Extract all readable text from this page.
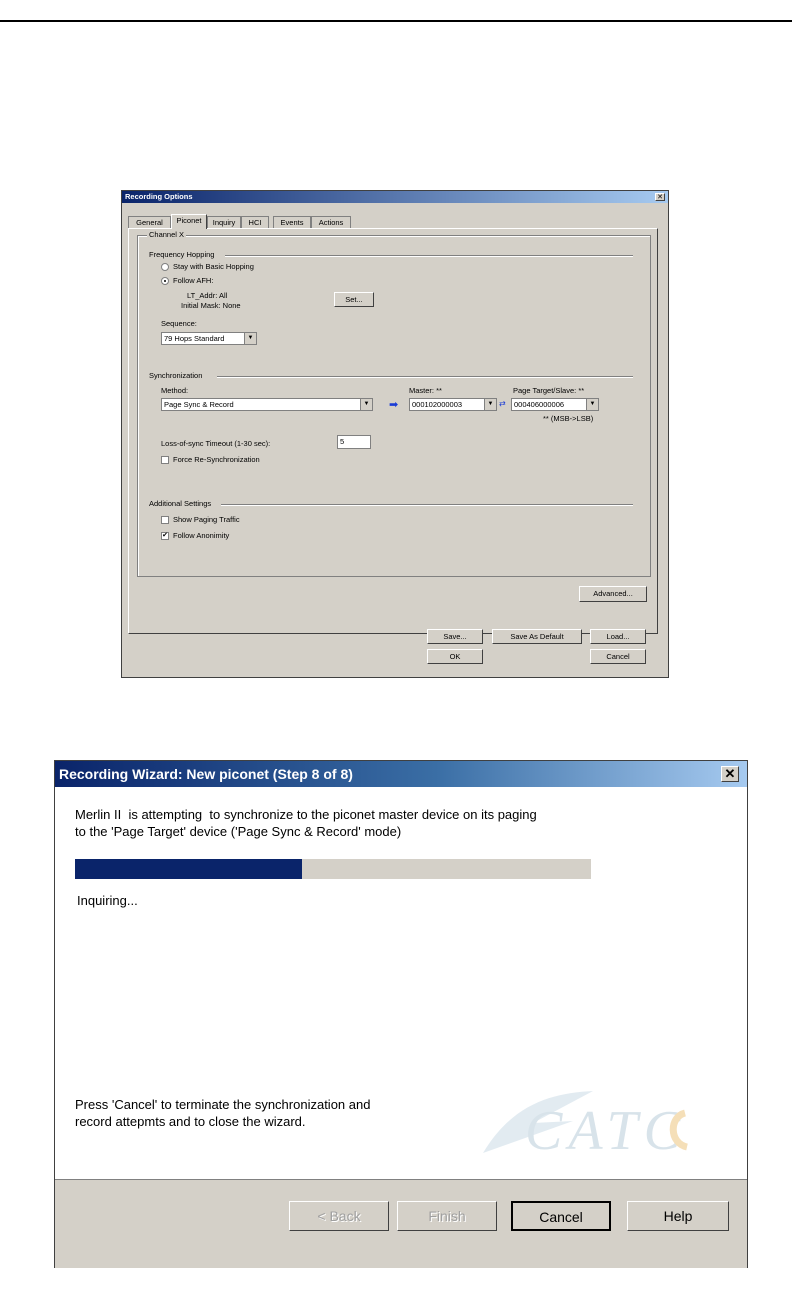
Recording Options	✕
General	Piconet	Inquiry	HCI	Events	Actions
Channel X
Frequency Hopping
Stay with Basic Hopping
Follow AFH:
LT_Addr: All
Initial Mask: None
Set...
Sequence:
79 Hops Standard	▼
Synchronization
Method:
Page Sync & Record	▼ ➡
Master: **
000102000003	▼ ⇄
Page Target/Slave: **
000406000006	▼
** (MSB->LSB)
Loss-of-sync Timeout (1-30 sec):	5
Force Re-Synchronization
Additional Settings
Show Paging Traffic
✔ Follow Anonimity
Advanced...
Save...	Save As Default	Load...
OK	Cancel
Recording Wizard: New piconet (Step 8 of 8)	✕
Merlin II  is attempting  to synchronize to the piconet master device on its paging
to the 'Page Target' device ('Page Sync & Record' mode)
Inquiring...
Press 'Cancel' to terminate the synchronization and
record attepmts and to close the wizard.	CATC
< Back	Finish	Cancel	Help
